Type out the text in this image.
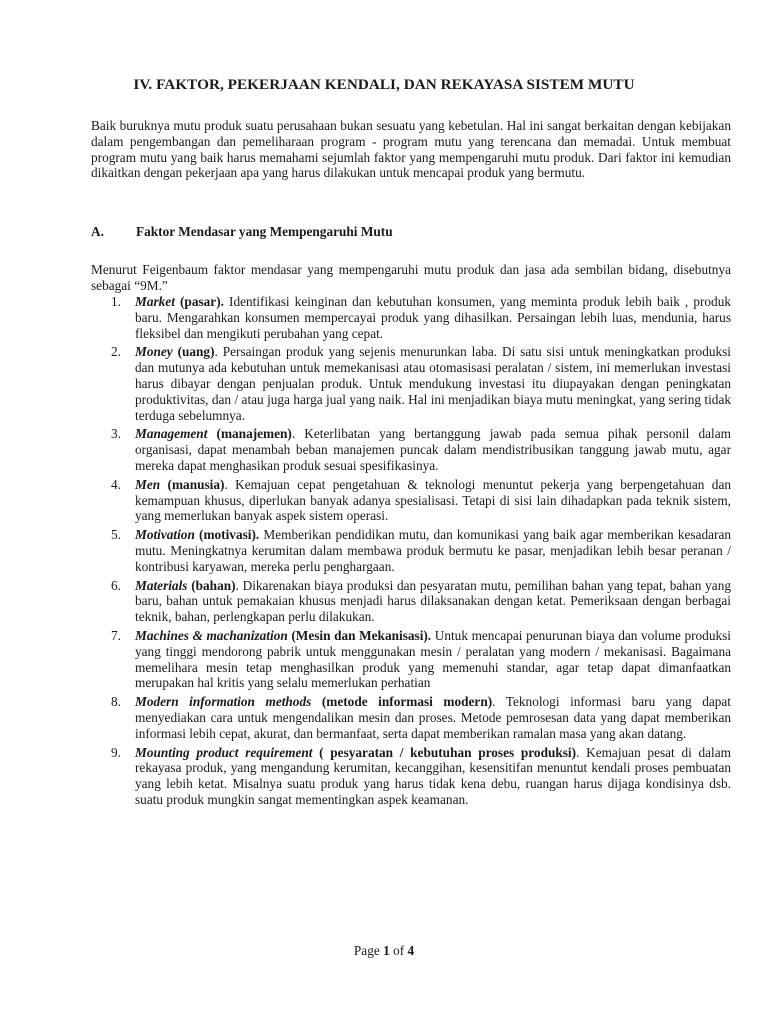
IV. FAKTOR, PEKERJAAN KENDALI, DAN REKAYASA SISTEM MUTU

Baik buruknya mutu produk suatu perusahaan bukan sesuatu yang kebetulan. Hal ini sangat berkaitan dengan kebijakan dalam pengembangan dan pemeliharaan program - program mutu yang terencana dan memadai. Untuk membuat program mutu yang baik harus memahami sejumlah faktor yang mempengaruhi mutu produk. Dari faktor ini kemudian dikaitkan dengan pekerjaan apa yang harus dilakukan untuk mencapai produk yang bermutu.

A. Faktor Mendasar yang Mempengaruhi Mutu

Menurut Feigenbaum faktor mendasar yang mempengaruhi mutu produk dan jasa ada sembilan bidang, disebutnya sebagai “9M.”

1. Market (pasar). Identifikasi keinginan dan kebutuhan konsumen, yang meminta produk lebih baik , produk baru. Mengarahkan konsumen mempercayai produk yang dihasilkan. Persaingan lebih luas, mendunia, harus fleksibel dan mengikuti perubahan yang cepat.
2. Money (uang). Persaingan produk yang sejenis menurunkan laba. Di satu sisi untuk meningkatkan produksi dan mutunya ada kebutuhan untuk memekanisasi atau otomasisasi peralatan / sistem, ini memerlukan investasi harus dibayar dengan penjualan produk. Untuk mendukung investasi itu diupayakan dengan peningkatan produktivitas, dan / atau juga harga jual yang naik. Hal ini menjadikan biaya mutu meningkat, yang sering tidak terduga sebelumnya.
3. Management (manajemen). Keterlibatan yang bertanggung jawab pada semua pihak personil dalam organisasi, dapat menambah beban manajemen puncak dalam mendistribusikan tanggung jawab mutu, agar mereka dapat menghasikan produk sesuai spesifikasinya.
4. Men (manusia). Kemajuan cepat pengetahuan & teknologi menuntut pekerja yang berpengetahuan dan kemampuan khusus, diperlukan banyak adanya spesialisasi. Tetapi di sisi lain dihadapkan pada teknik sistem, yang memerlukan banyak aspek sistem operasi.
5. Motivation (motivasi). Memberikan pendidikan mutu, dan komunikasi yang baik agar memberikan kesadaran mutu. Meningkatnya kerumitan dalam membawa produk bermutu ke pasar, menjadikan lebih besar peranan / kontribusi karyawan, mereka perlu penghargaan.
6. Materials (bahan). Dikarenakan biaya produksi dan pesyaratan mutu, pemilihan bahan yang tepat, bahan yang baru, bahan untuk pemakaian khusus menjadi harus dilaksanakan dengan ketat. Pemeriksaan dengan berbagai teknik, bahan, perlengkapan perlu dilakukan.
7. Machines & machanization (Mesin dan Mekanisasi). Untuk mencapai penurunan biaya dan volume produksi yang tinggi mendorong pabrik untuk menggunakan mesin / peralatan yang modern / mekanisasi. Bagaimana memelihara mesin tetap menghasilkan produk yang memenuhi standar, agar tetap dapat dimanfaatkan merupakan hal kritis yang selalu memerlukan perhatian
8. Modern information methods (metode informasi modern). Teknologi informasi baru yang dapat menyediakan cara untuk mengendalikan mesin dan proses. Metode pemrosesan data yang dapat memberikan informasi lebih cepat, akurat, dan bermanfaat, serta dapat memberikan ramalan masa yang akan datang.
9. Mounting product requirement ( pesyaratan / kebutuhan proses produksi). Kemajuan pesat di dalam rekayasa produk, yang mengandung kerumitan, kecanggihan, kesensitifan menuntut kendali proses pembuatan yang lebih ketat. Misalnya suatu produk yang harus tidak kena debu, ruangan harus dijaga kondisinya dsb. suatu produk mungkin sangat mementingkan aspek keamanan.
Page 1 of 4
